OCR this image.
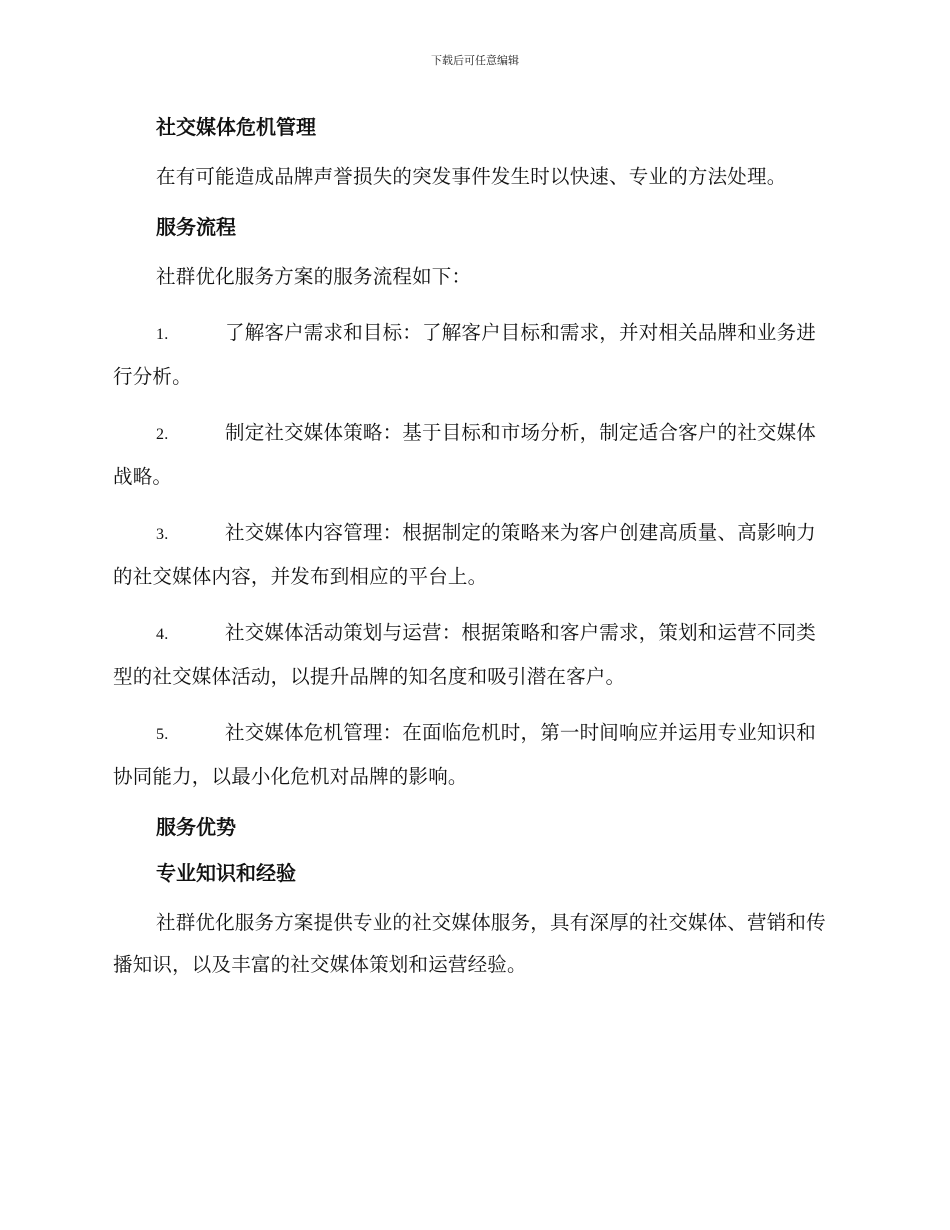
下载后可任意编辑
社交媒体危机管理

在有可能造成品牌声誉损失的突发事件发生时以快速、专业的方法处理。

服务流程

社群优化服务方案的服务流程如下：

1.	了解客户需求和目标：了解客户目标和需求，并对相关品牌和业务进行分析。

2.	制定社交媒体策略：基于目标和市场分析，制定适合客户的社交媒体战略。

3.	社交媒体内容管理：根据制定的策略来为客户创建高质量、高影响力的社交媒体内容，并发布到相应的平台上。

4.	社交媒体活动策划与运营：根据策略和客户需求，策划和运营不同类型的社交媒体活动，以提升品牌的知名度和吸引潜在客户。

5.	社交媒体危机管理：在面临危机时，第一时间响应并运用专业知识和协同能力，以最小化危机对品牌的影响。

服务优势
专业知识和经验

社群优化服务方案提供专业的社交媒体服务，具有深厚的社交媒体、营销和传播知识，以及丰富的社交媒体策划和运营经验。
